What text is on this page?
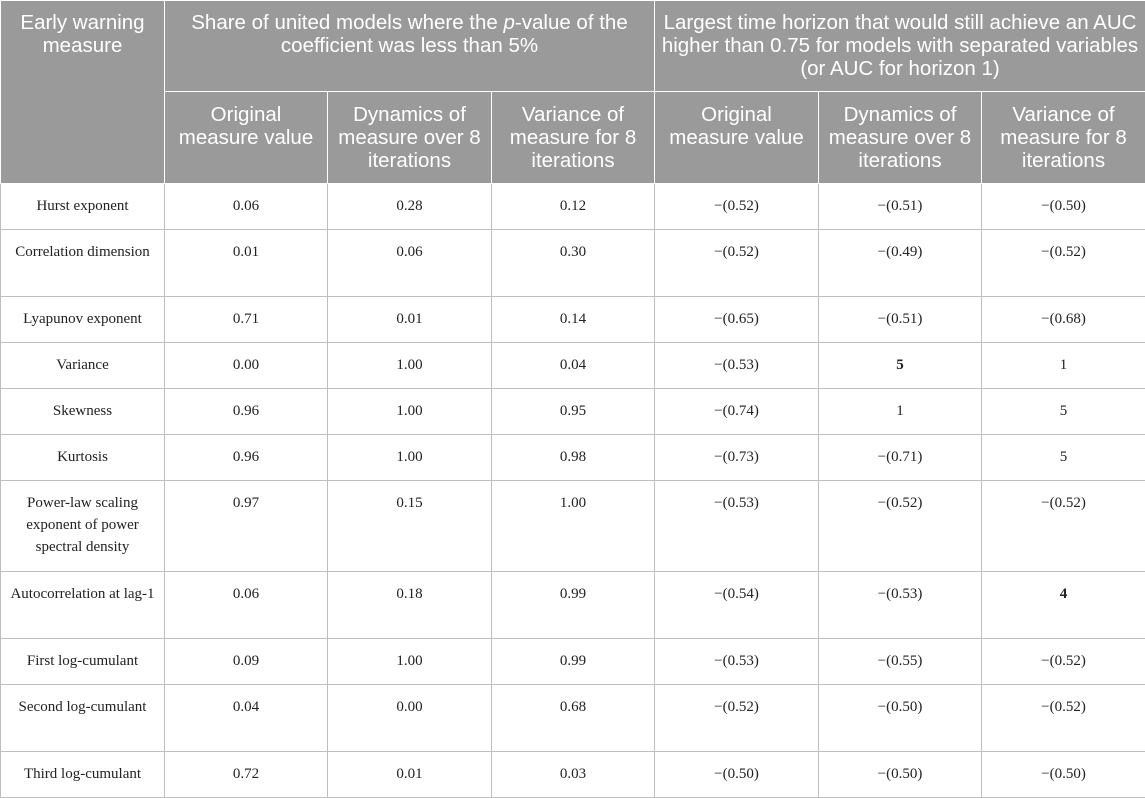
Early warning measure	Share of united models where the p-value of the coefficient was less than 5%			Largest time horizon that would still achieve an AUC higher than 0.75 for models with separated variables (or AUC for horizon 1)		
	Original measure value	Dynamics of measure over 8 iterations	Variance of measure for 8 iterations	Original measure value	Dynamics of measure over 8 iterations	Variance of measure for 8 iterations
Hurst exponent	0.06	0.28	0.12	−(0.52)	−(0.51)	−(0.50)
Correlation dimension	0.01	0.06	0.30	−(0.52)	−(0.49)	−(0.52)
Lyapunov exponent	0.71	0.01	0.14	−(0.65)	−(0.51)	−(0.68)
Variance	0.00	1.00	0.04	−(0.53)	5	1
Skewness	0.96	1.00	0.95	−(0.74)	1	5
Kurtosis	0.96	1.00	0.98	−(0.73)	−(0.71)	5
Power-law scaling exponent of power spectral density	0.97	0.15	1.00	−(0.53)	−(0.52)	−(0.52)
Autocorrelation at lag-1	0.06	0.18	0.99	−(0.54)	−(0.53)	4
First log-cumulant	0.09	1.00	0.99	−(0.53)	−(0.55)	−(0.52)
Second log-cumulant	0.04	0.00	0.68	−(0.52)	−(0.50)	−(0.52)
Third log-cumulant	0.72	0.01	0.03	−(0.50)	−(0.50)	−(0.50)
